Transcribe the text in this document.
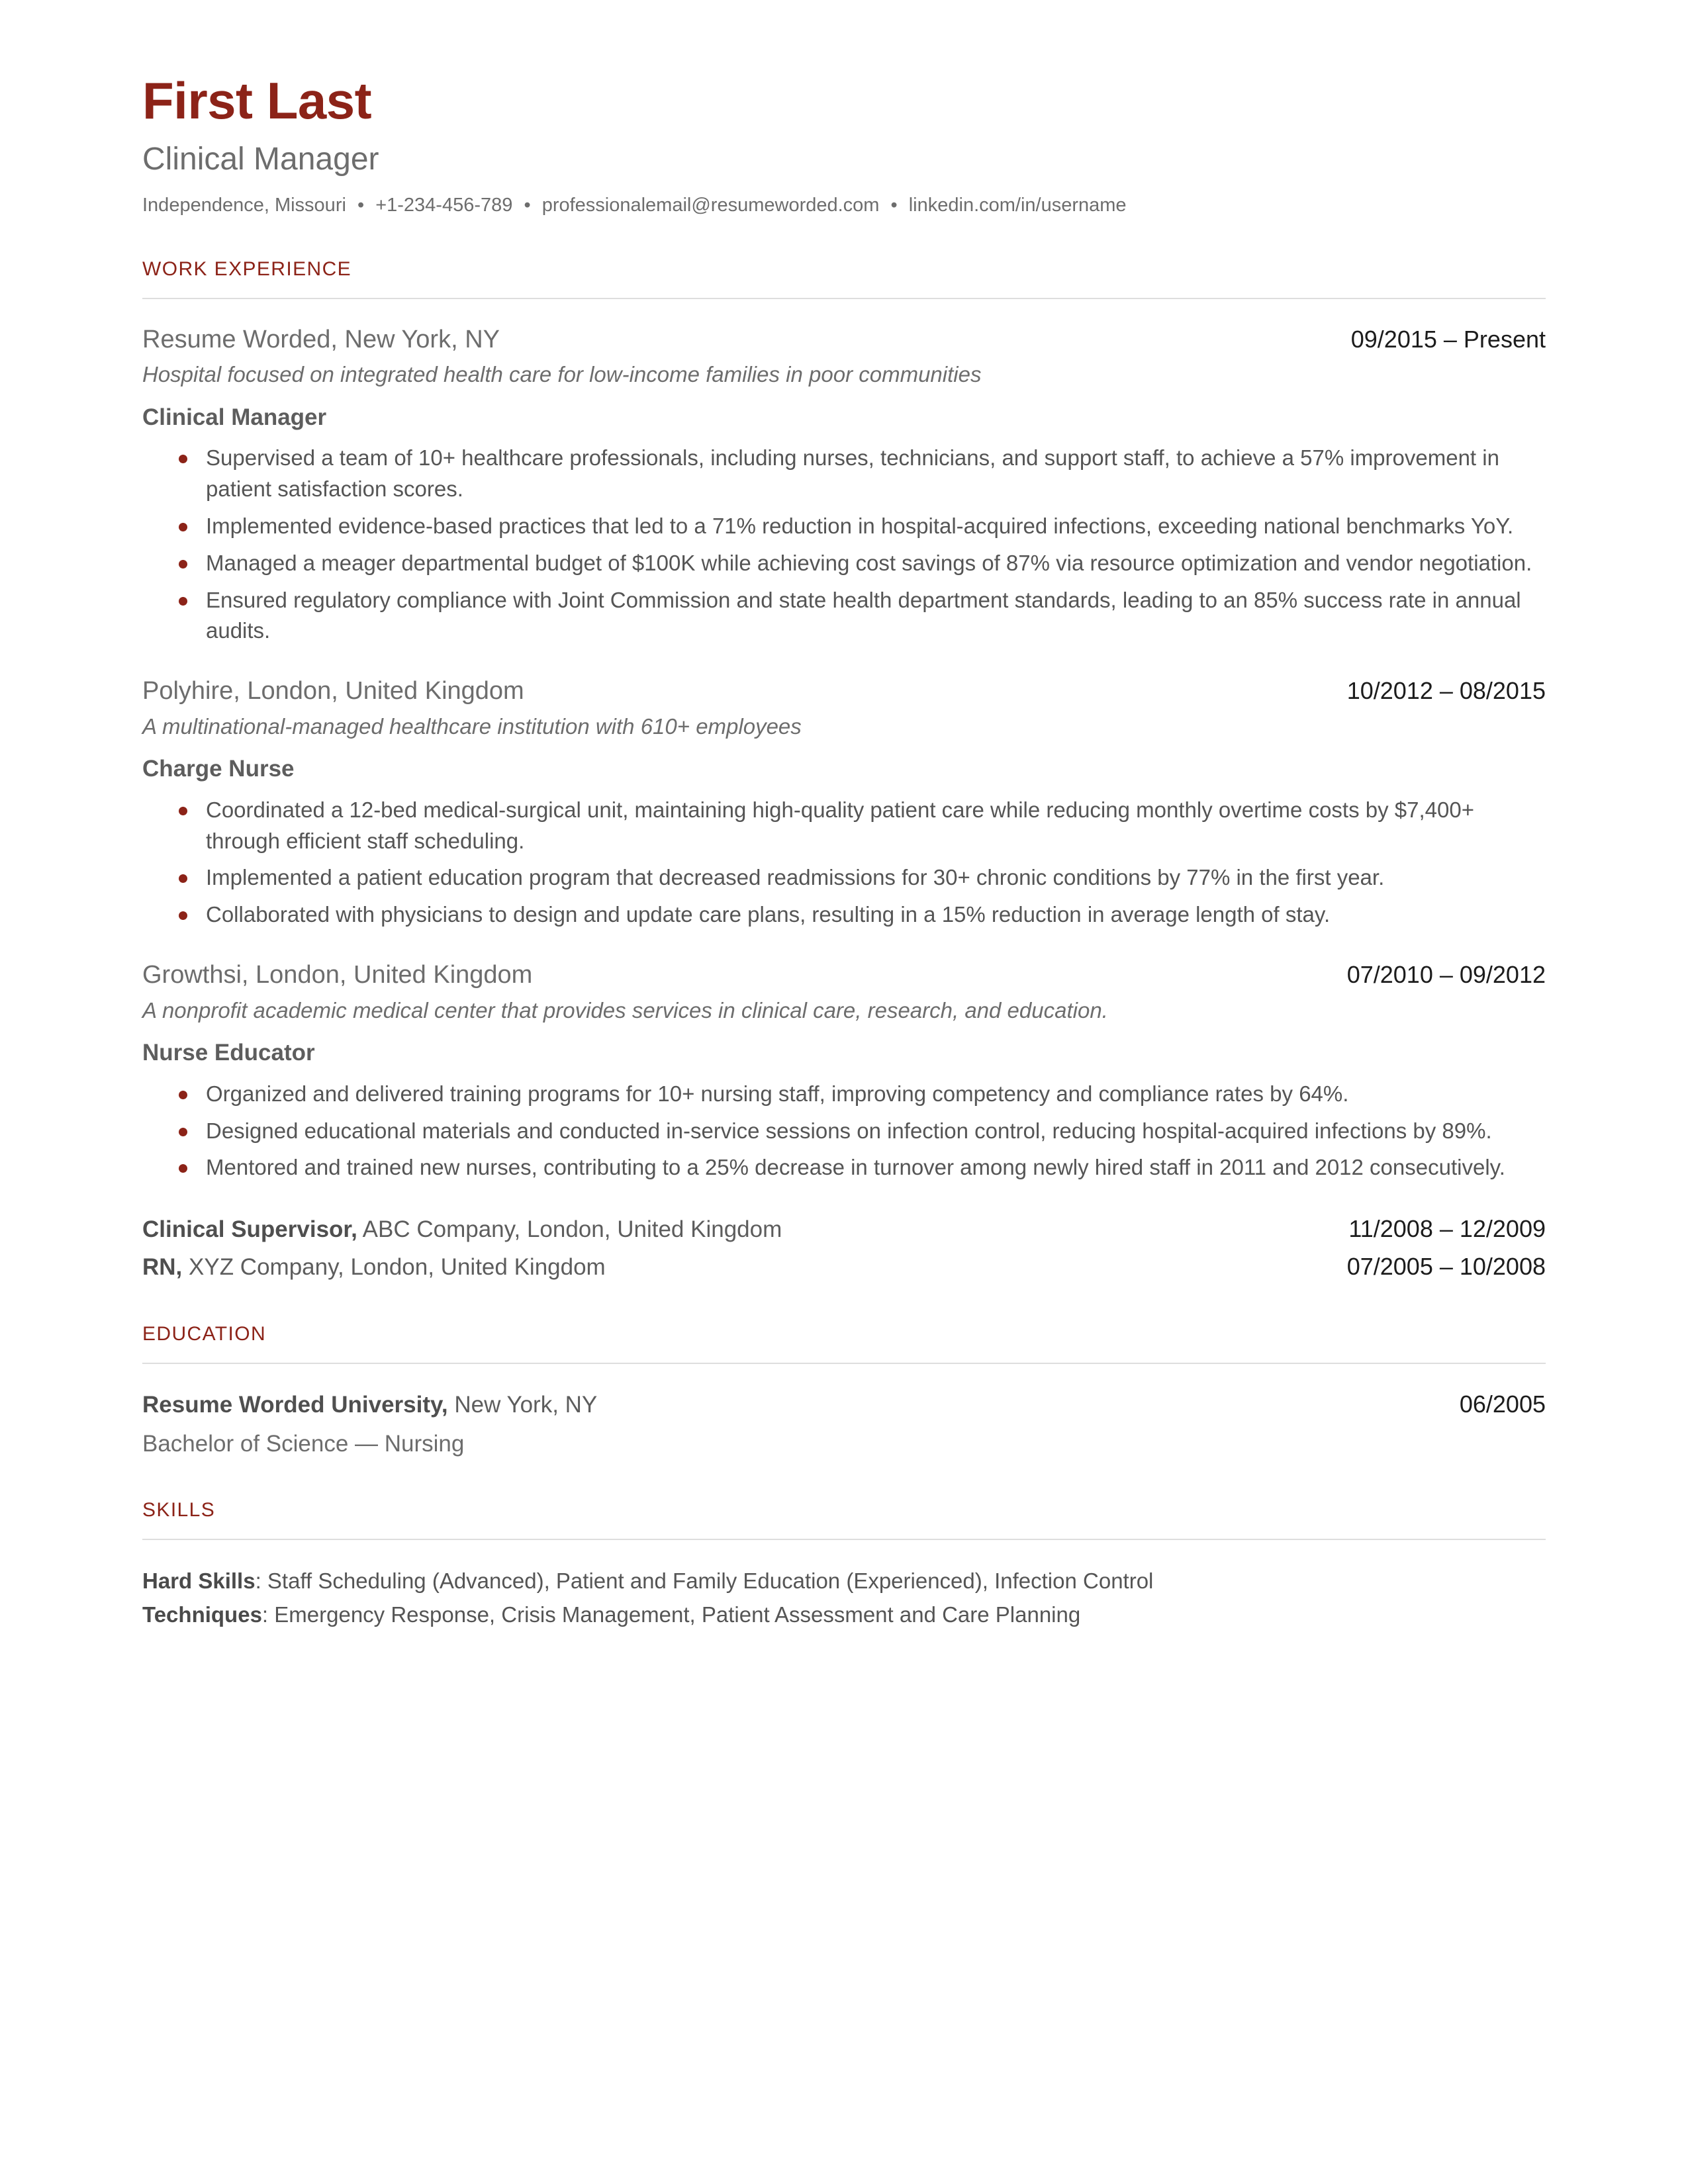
First Last
Clinical Manager
Independence, Missouri • +1-234-456-789 • professionalemail@resumeworded.com • linkedin.com/in/username
WORK EXPERIENCE
Resume Worded, New York, NY	09/2015 – Present
Hospital focused on integrated health care for low-income families in poor communities
Clinical Manager
Supervised a team of 10+ healthcare professionals, including nurses, technicians, and support staff, to achieve a 57% improvement in patient satisfaction scores.
Implemented evidence-based practices that led to a 71% reduction in hospital-acquired infections, exceeding national benchmarks YoY.
Managed a meager departmental budget of $100K while achieving cost savings of 87% via resource optimization and vendor negotiation.
Ensured regulatory compliance with Joint Commission and state health department standards, leading to an 85% success rate in annual audits.
Polyhire, London, United Kingdom	10/2012 – 08/2015
A multinational-managed healthcare institution with 610+ employees
Charge Nurse
Coordinated a 12-bed medical-surgical unit, maintaining high-quality patient care while reducing monthly overtime costs by $7,400+ through efficient staff scheduling.
Implemented a patient education program that decreased readmissions for 30+ chronic conditions by 77% in the first year.
Collaborated with physicians to design and update care plans, resulting in a 15% reduction in average length of stay.
Growthsi, London, United Kingdom	07/2010 – 09/2012
A nonprofit academic medical center that provides services in clinical care, research, and education.
Nurse Educator
Organized and delivered training programs for 10+ nursing staff, improving competency and compliance rates by 64%.
Designed educational materials and conducted in-service sessions on infection control, reducing hospital-acquired infections by 89%.
Mentored and trained new nurses, contributing to a 25% decrease in turnover among newly hired staff in 2011 and 2012 consecutively.
Clinical Supervisor, ABC Company, London, United Kingdom	11/2008 – 12/2009
RN, XYZ Company, London, United Kingdom	07/2005 – 10/2008
EDUCATION
Resume Worded University, New York, NY	06/2005
Bachelor of Science — Nursing
SKILLS
Hard Skills: Staff Scheduling (Advanced), Patient and Family Education (Experienced), Infection Control
Techniques: Emergency Response, Crisis Management, Patient Assessment and Care Planning
